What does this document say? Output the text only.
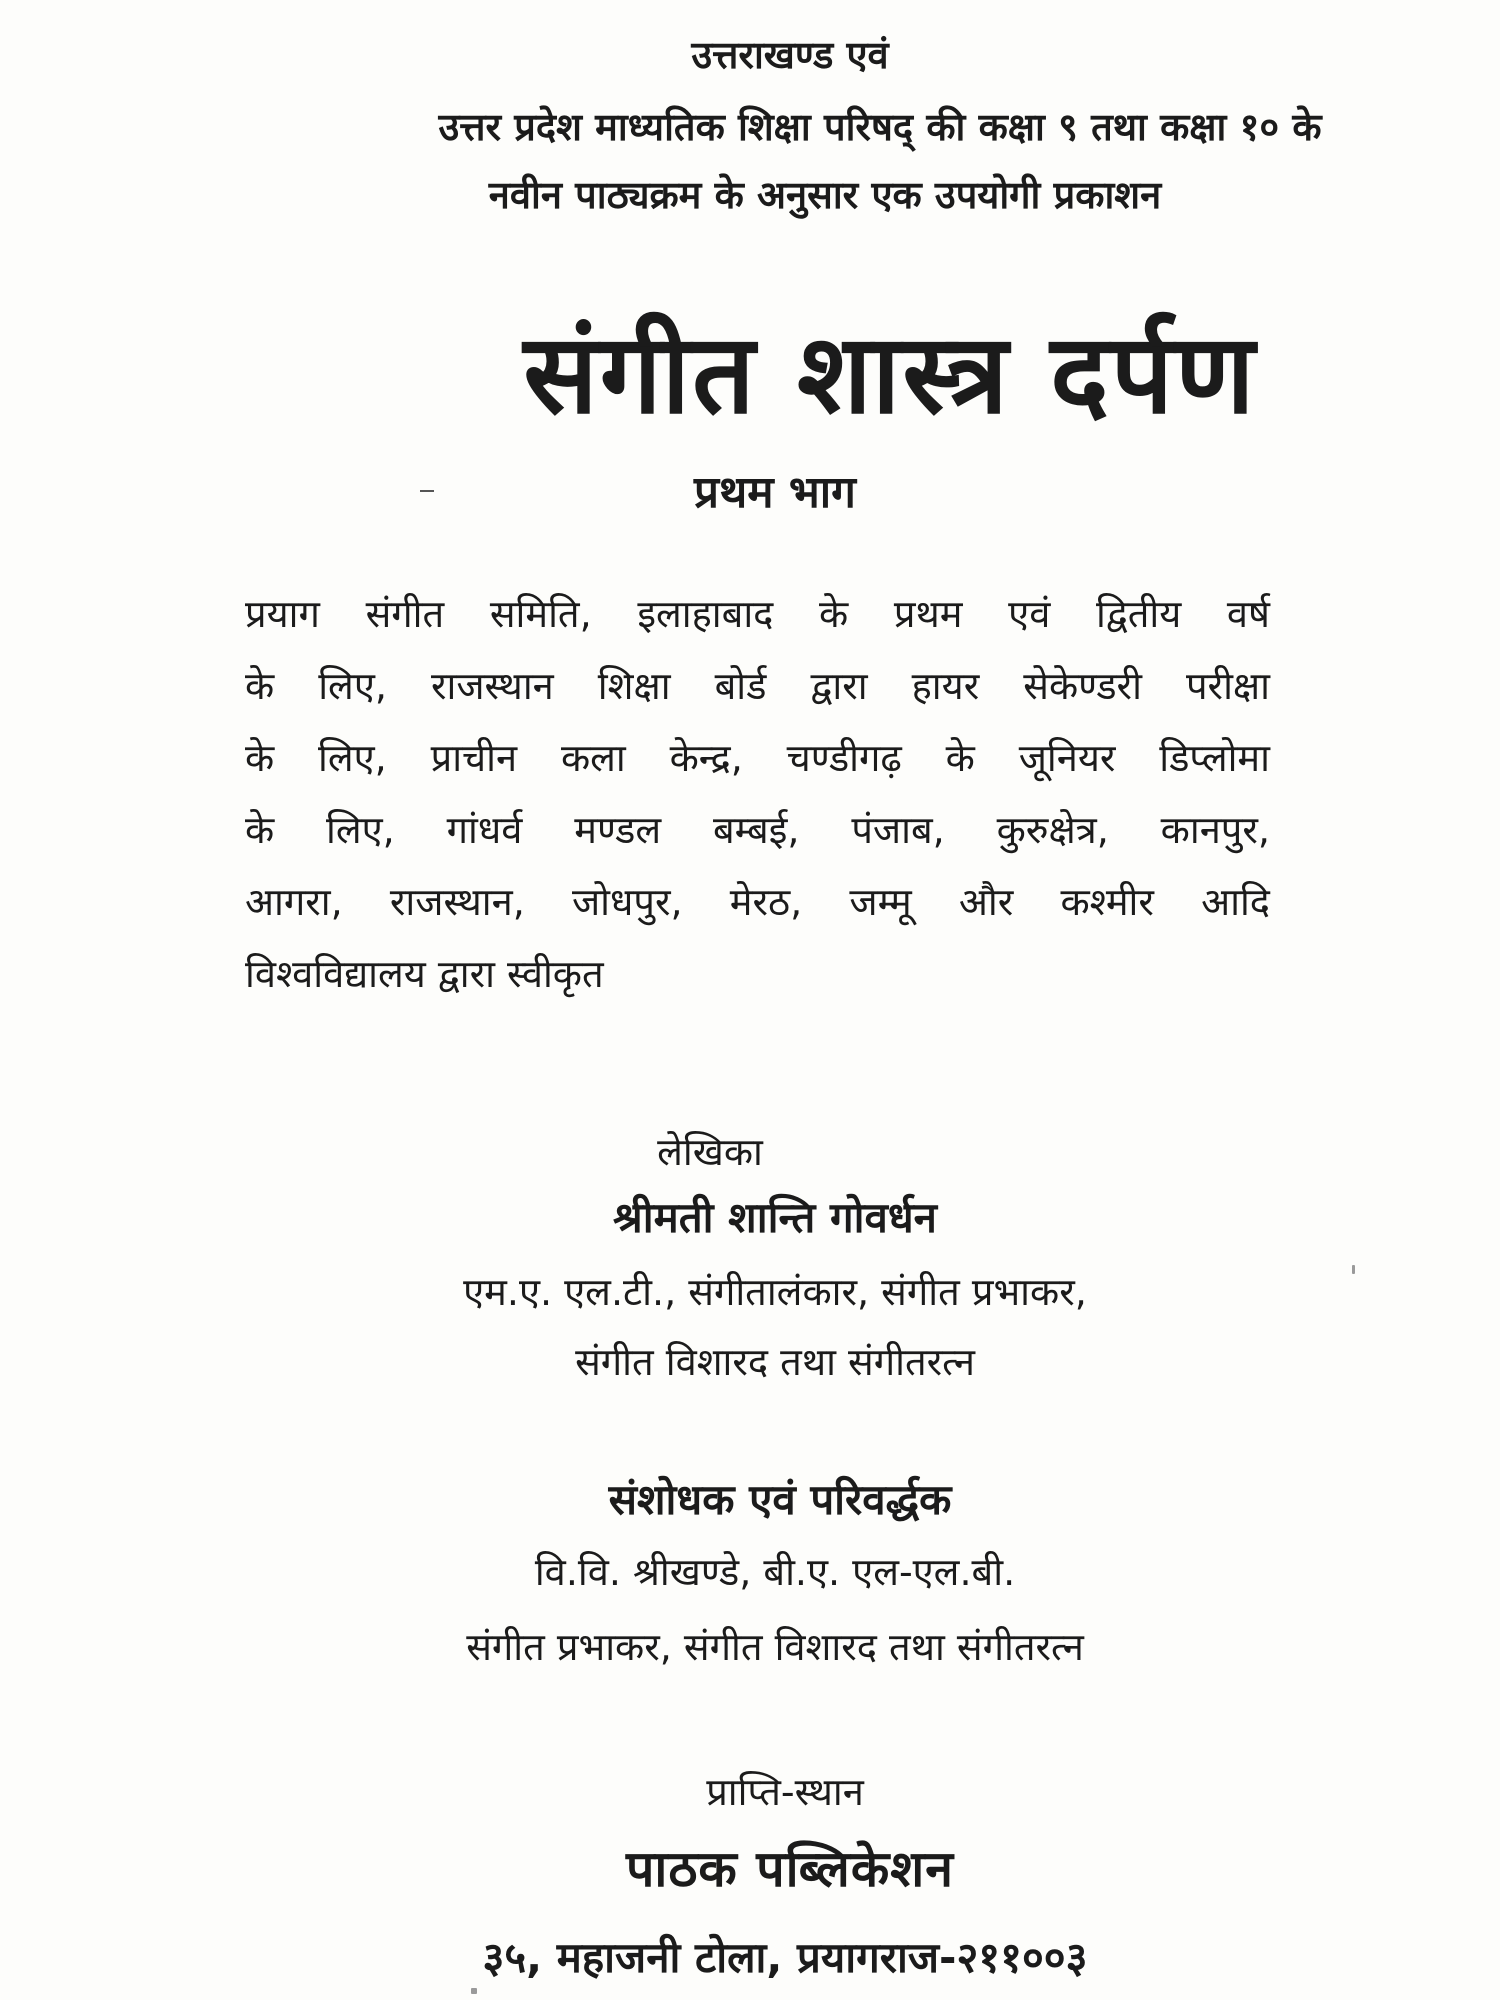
उत्तराखण्ड एवं
उत्तर प्रदेश माध्यतिक शिक्षा परिषद् की कक्षा ९ तथा कक्षा १० के
नवीन पाठ्यक्रम के अनुसार एक उपयोगी प्रकाशन
संगीत शास्त्र दर्पण
प्रथम भाग
प्रयाग संगीत समिति, इलाहाबाद के प्रथम एवं द्वितीय वर्ष
के लिए, राजस्थान शिक्षा बोर्ड द्वारा हायर सेकेण्डरी परीक्षा
के लिए, प्राचीन कला केन्द्र, चण्डीगढ़ के जूनियर डिप्लोमा
के लिए, गांधर्व मण्डल बम्बई, पंजाब, कुरुक्षेत्र, कानपुर,
आगरा, राजस्थान, जोधपुर, मेरठ, जम्मू और कश्मीर आदि
विश्वविद्यालय द्वारा स्वीकृत
लेखिका
श्रीमती शान्ति गोवर्धन
एम.ए. एल.टी., संगीतालंकार, संगीत प्रभाकर,
संगीत विशारद तथा संगीतरत्न
संशोधक एवं परिवर्द्धक
वि.वि. श्रीखण्डे, बी.ए. एल-एल.बी.
संगीत प्रभाकर, संगीत विशारद तथा संगीतरत्न
प्राप्ति-स्थान
पाठक पब्लिकेशन
३५, महाजनी टोला, प्रयागराज-२११००३
